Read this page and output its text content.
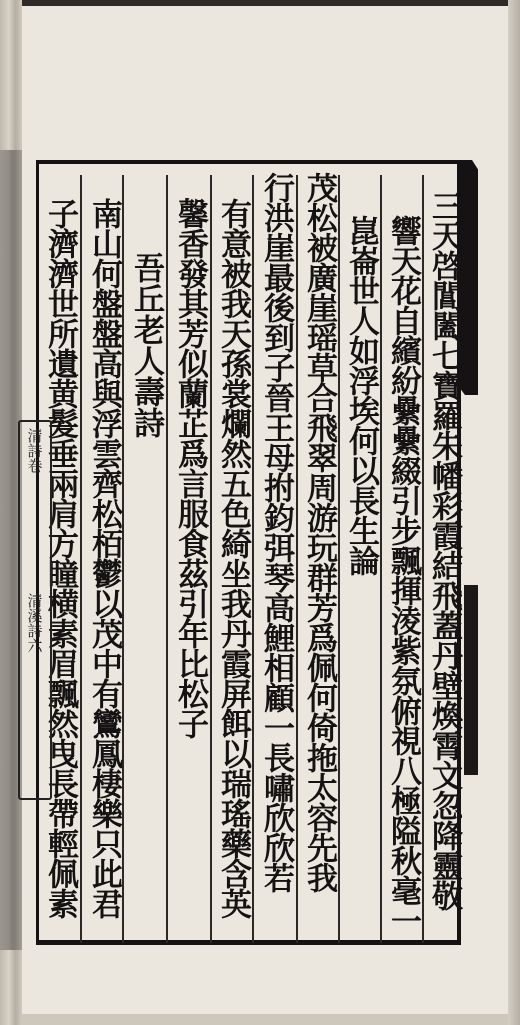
三天啓閶闔七寶羅朱幡彩霞結飛蓋丹壁煥霄文忽降靈敬
響天花自繽紛纍纍綴引步飄揮淩紫氛俯視八極隘秋毫一
崑崙世人如浮埃何以長生論
茂松被廣崖瑶草合飛翠周游玩群芳爲佩何倚拖太容先我
行洪崖最後到子晉王母拊鈞弭琴高鯉相顧一長嘯欣欣若
有意被我天孫裳爛然五色綺坐我丹霞屏餌以瑞瑤藥含英
馨香發其芳似蘭芷爲言服食茲引年比松子
吾丘老人壽詩
南山何盤盤高與浮雲齊松栢鬱以茂中有鸞鳳棲樂只此君
子濟濟世所遺黄髮垂兩肩方瞳横素眉飄然曳長帶輕佩素
清詩卷
清溪詩六
